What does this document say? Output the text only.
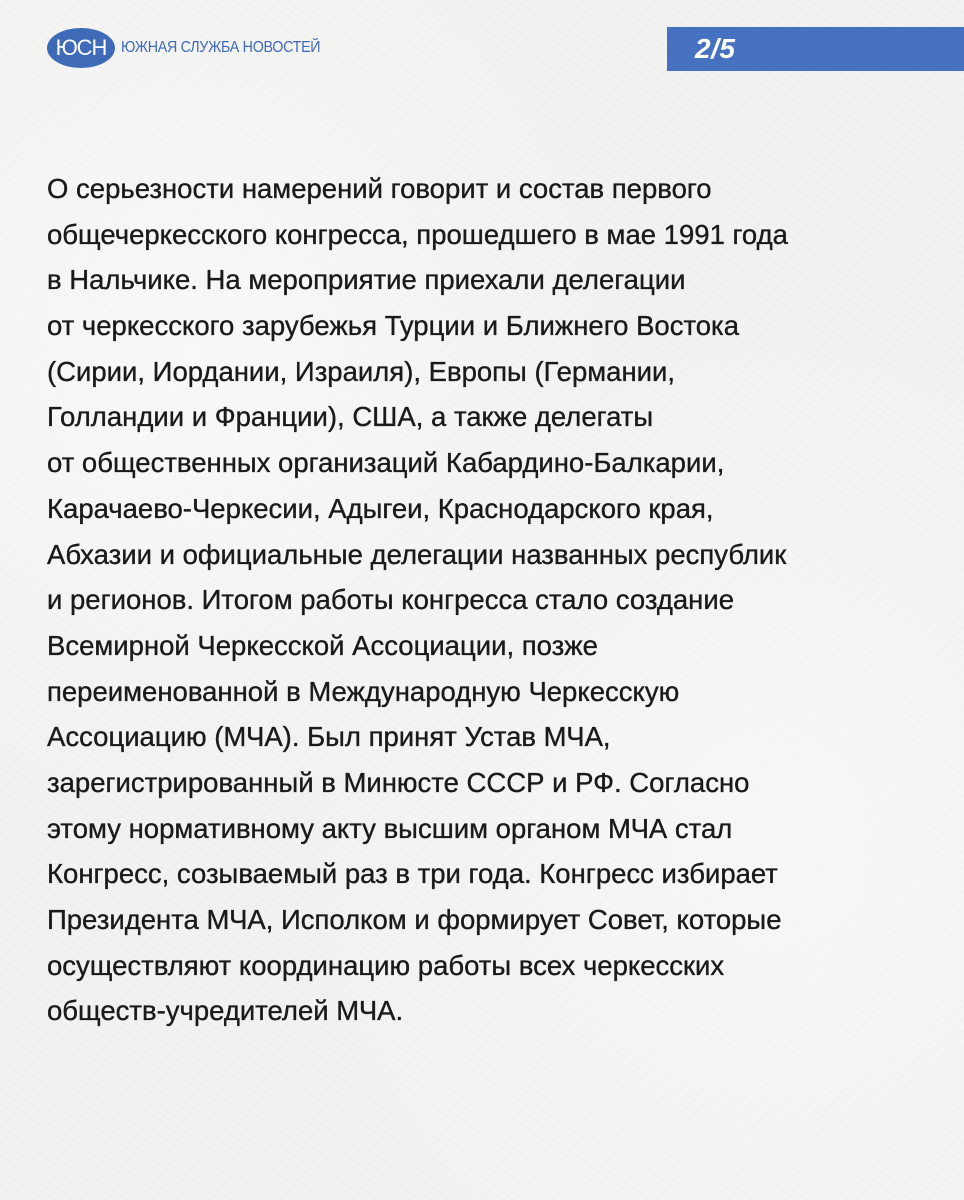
ЮСН ЮЖНАЯ СЛУЖБА НОВОСТЕЙ	2/5
О серьезности намерений говорит и состав первого
общечеркесского конгресса, прошедшего в мае 1991 года
в Нальчике. На мероприятие приехали делегации
от черкесского зарубежья Турции и Ближнего Востока
(Сирии, Иордании, Израиля), Европы (Германии,
Голландии и Франции), США, а также делегаты
от общественных организаций Кабардино-Балкарии,
Карачаево-Черкесии, Адыгеи, Краснодарского края,
Абхазии и официальные делегации названных республик
и регионов. Итогом работы конгресса стало создание
Всемирной Черкесской Ассоциации, позже
переименованной в Международную Черкесскую
Ассоциацию (МЧА). Был принят Устав МЧА,
зарегистрированный в Минюсте СССР и РФ. Согласно
этому нормативному акту высшим органом МЧА стал
Конгресс, созываемый раз в три года. Конгресс избирает
Президента МЧА, Исполком и формирует Совет, которые
осуществляют координацию работы всех черкесских
обществ-учредителей МЧА.
